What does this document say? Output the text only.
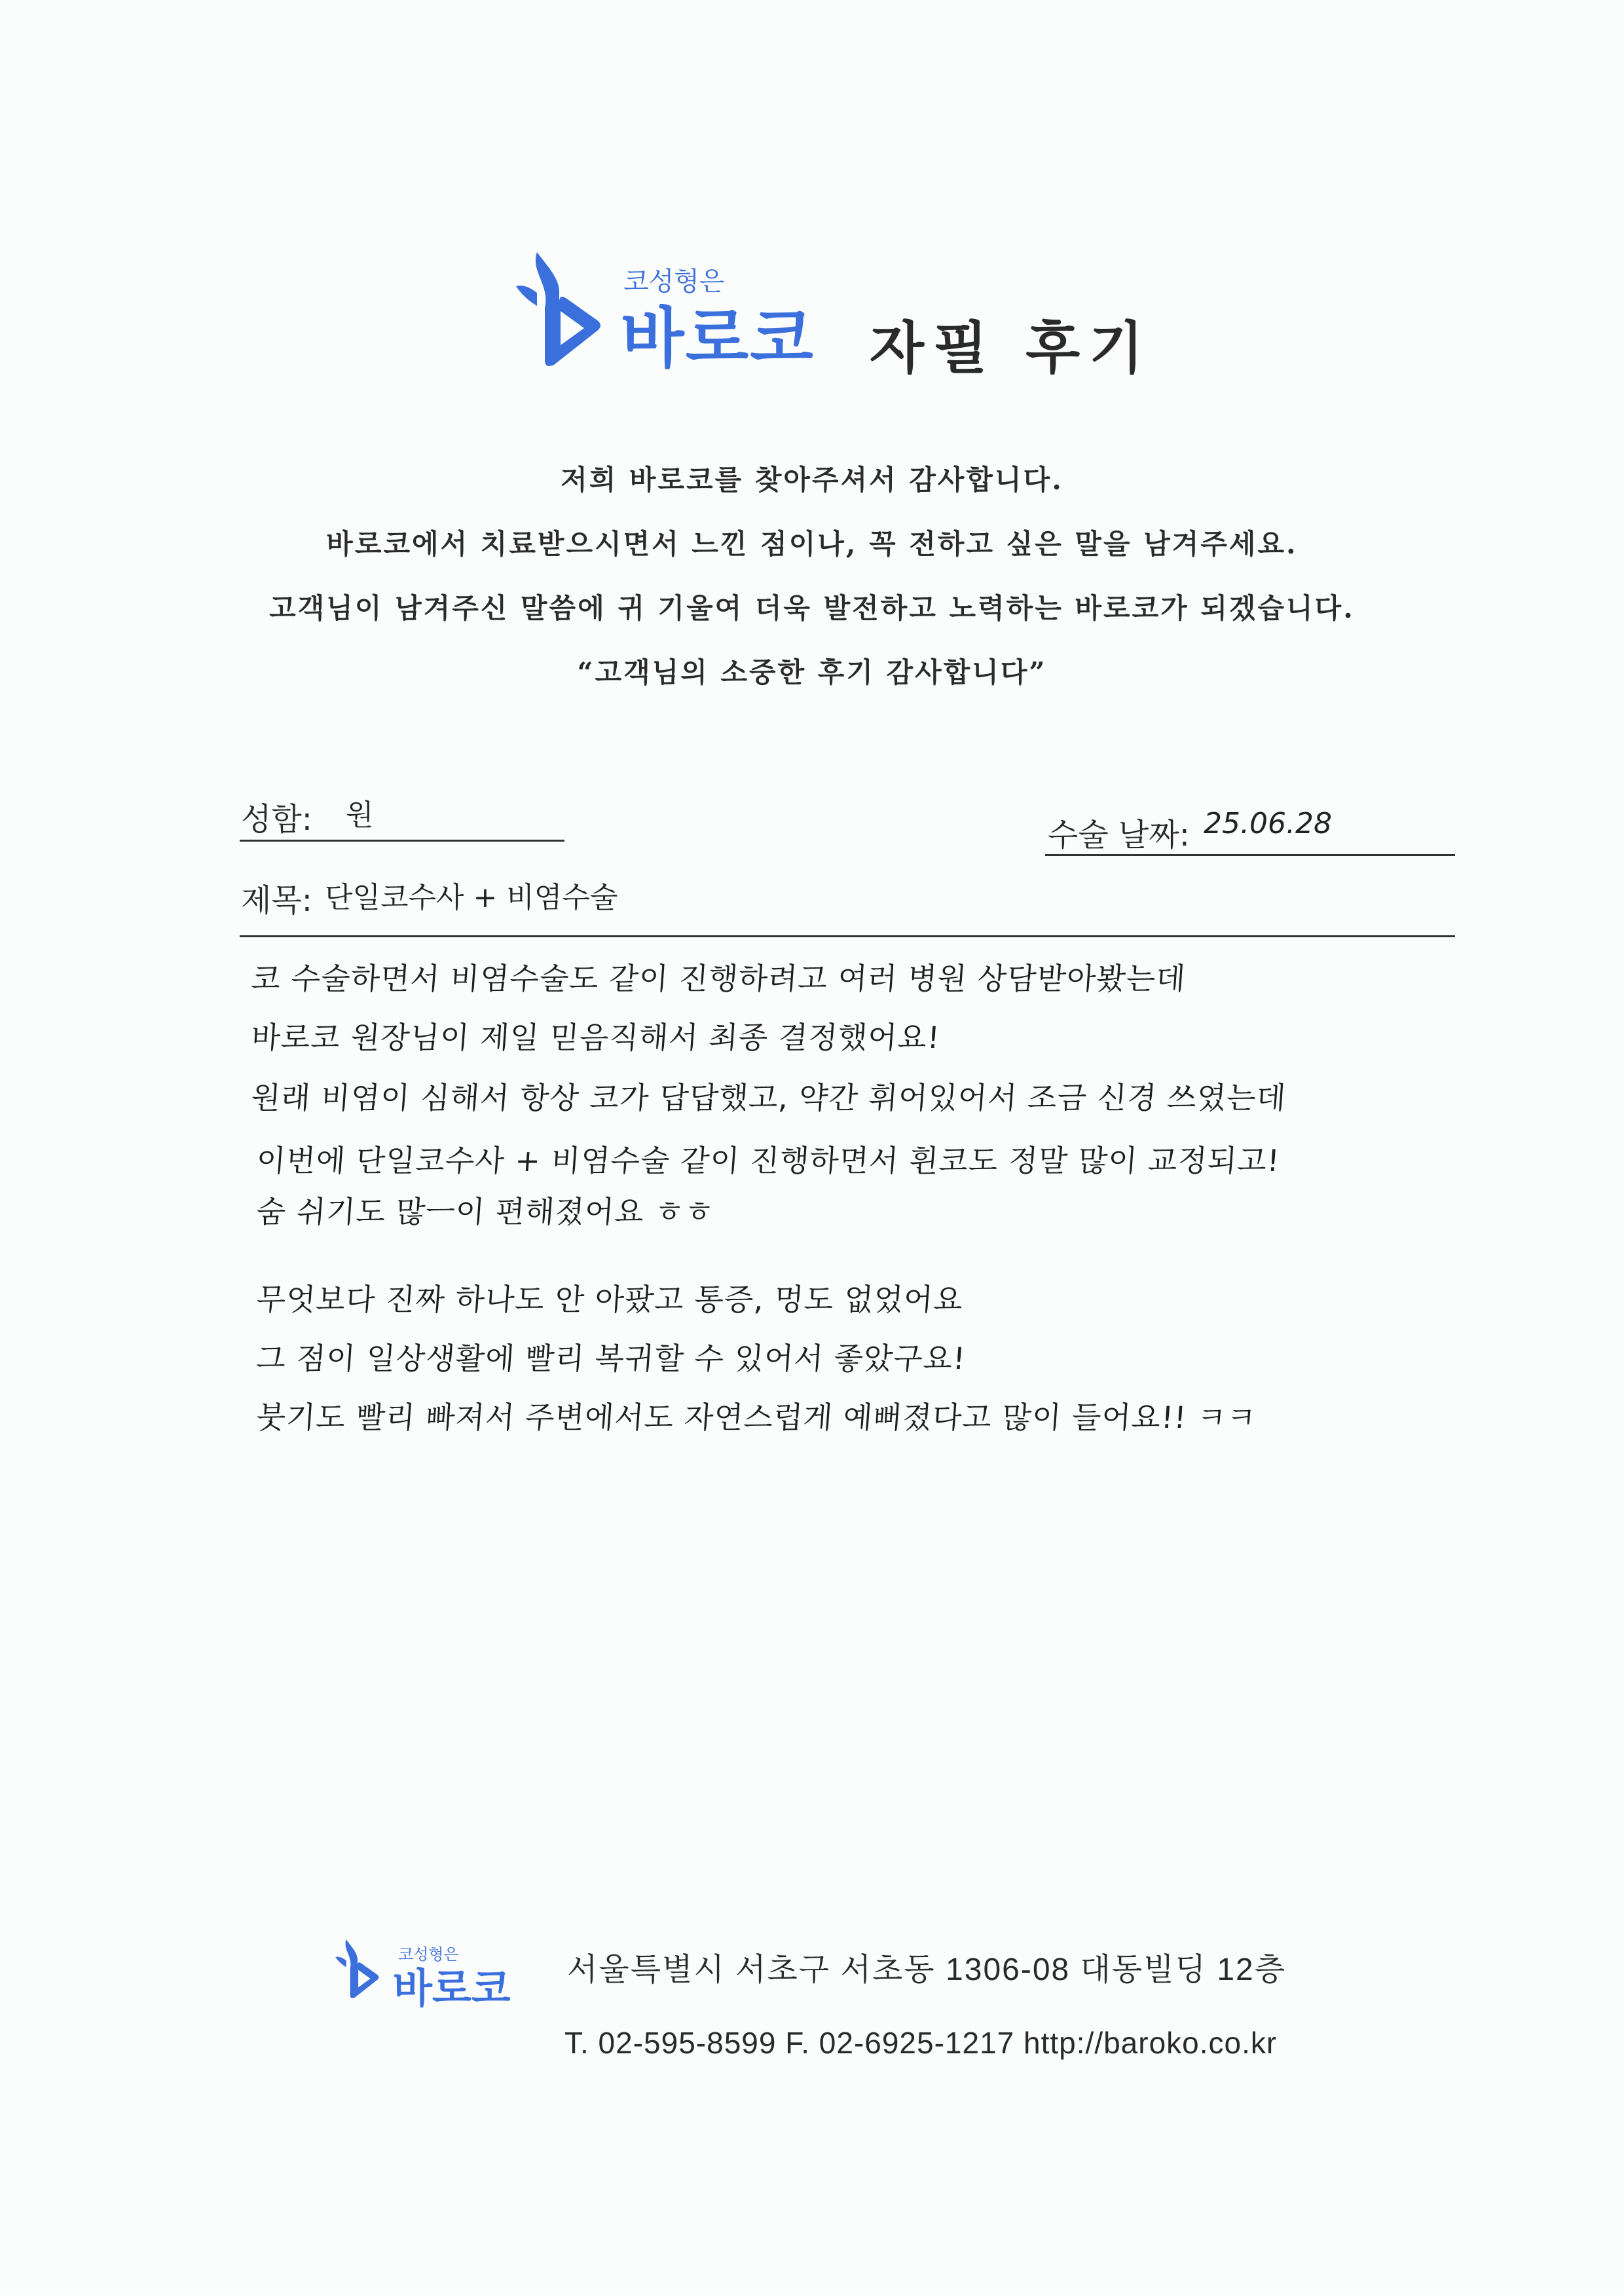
코성형은
바로코 자필 후기
저희 바로코를 찾아주셔서 감사합니다.
바로코에서 치료받으시면서 느낀 점이나, 꼭 전하고 싶은 말을 남겨주세요.
고객님이 남겨주신 말씀에 귀 기울여 더욱 발전하고 노력하는 바로코가 되겠습니다.
“고객님의 소중한 후기 감사합니다”
성함: 원
수술 날짜: 25.06.28
제목: 단일코수사 + 비염수술
코 수술하면서 비염수술도 같이 진행하려고 여러 병원 상담받아봤는데
바로코 원장님이 제일 믿음직해서 최종 결정했어요!
원래 비염이 심해서 항상 코가 답답했고, 약간 휘어있어서 조금 신경 쓰였는데
이번에 단일코수사 + 비염수술 같이 진행하면서 휜코도 정말 많이 교정되고!
숨 쉬기도 많ㅡ이 편해졌어요 ㅎㅎ
무엇보다 진짜 하나도 안 아팠고 통증, 멍도 없었어요
그 점이 일상생활에 빨리 복귀할 수 있어서 좋았구요!
붓기도 빨리 빠져서 주변에서도 자연스럽게 예뻐졌다고 많이 들어요!! ㅋㅋ
코성형은
바로코 서울특별시 서초구 서초동 1306-08 대동빌딩 12층
T. 02-595-8599 F. 02-6925-1217 http://baroko.co.kr
